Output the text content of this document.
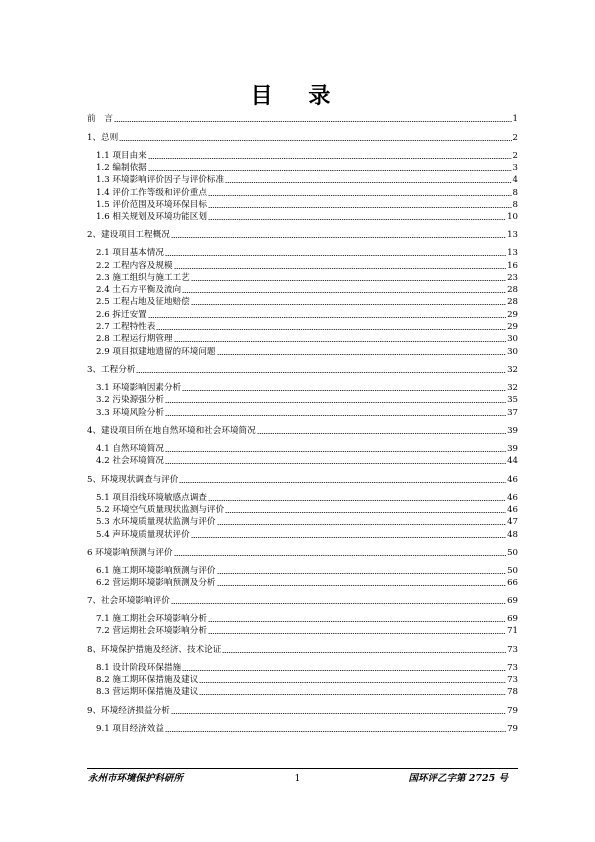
目 录
前　言	1
1、总则	2
1.1 项目由来	2
1.2 编制依据	3
1.3 环境影响评价因子与评价标准	4
1.4 评价工作等级和评价重点	8
1.5 评价范围及环境环保目标	8
1.6 相关规划及环境功能区划	10
2、建设项目工程概况	13
2.1 项目基本情况	13
2.2 工程内容及规模	16
2.3 施工组织与施工工艺	23
2.4 土石方平衡及流向	28
2.5 工程占地及征地赔偿	28
2.6 拆迁安置	29
2.7 工程特性表	29
2.8 工程运行期管理	30
2.9 项目拟建地遗留的环境问题	30
3、工程分析	32
3.1 环境影响因素分析	32
3.2 污染源强分析	35
3.3 环境风险分析	37
4、建设项目所在地自然环境和社会环境简况	39
4.1 自然环境简况	39
4.2 社会环境简况	44
5、环境现状调查与评价	46
5.1 项目沿线环境敏感点调查	46
5.2 环境空气质量现状监测与评价	46
5.3 水环境质量现状监测与评价	47
5.4 声环境质量现状评价	48
6 环境影响预测与评价	50
6.1 施工期环境影响预测与评价	50
6.2 营运期环境影响预测及分析	66
7、社会环境影响评价	69
7.1 施工期社会环境影响分析	69
7.2 营运期社会环境影响分析	71
8、环境保护措施及经济、技术论证	73
8.1 设计阶段环保措施	73
8.2 施工期环保措施及建议	73
8.3 营运期环保措施及建议	78
9、环境经济损益分析	79
9.1 项目经济效益	79
永州市环境保护科研所	1	国环评乙字第 2725 号
